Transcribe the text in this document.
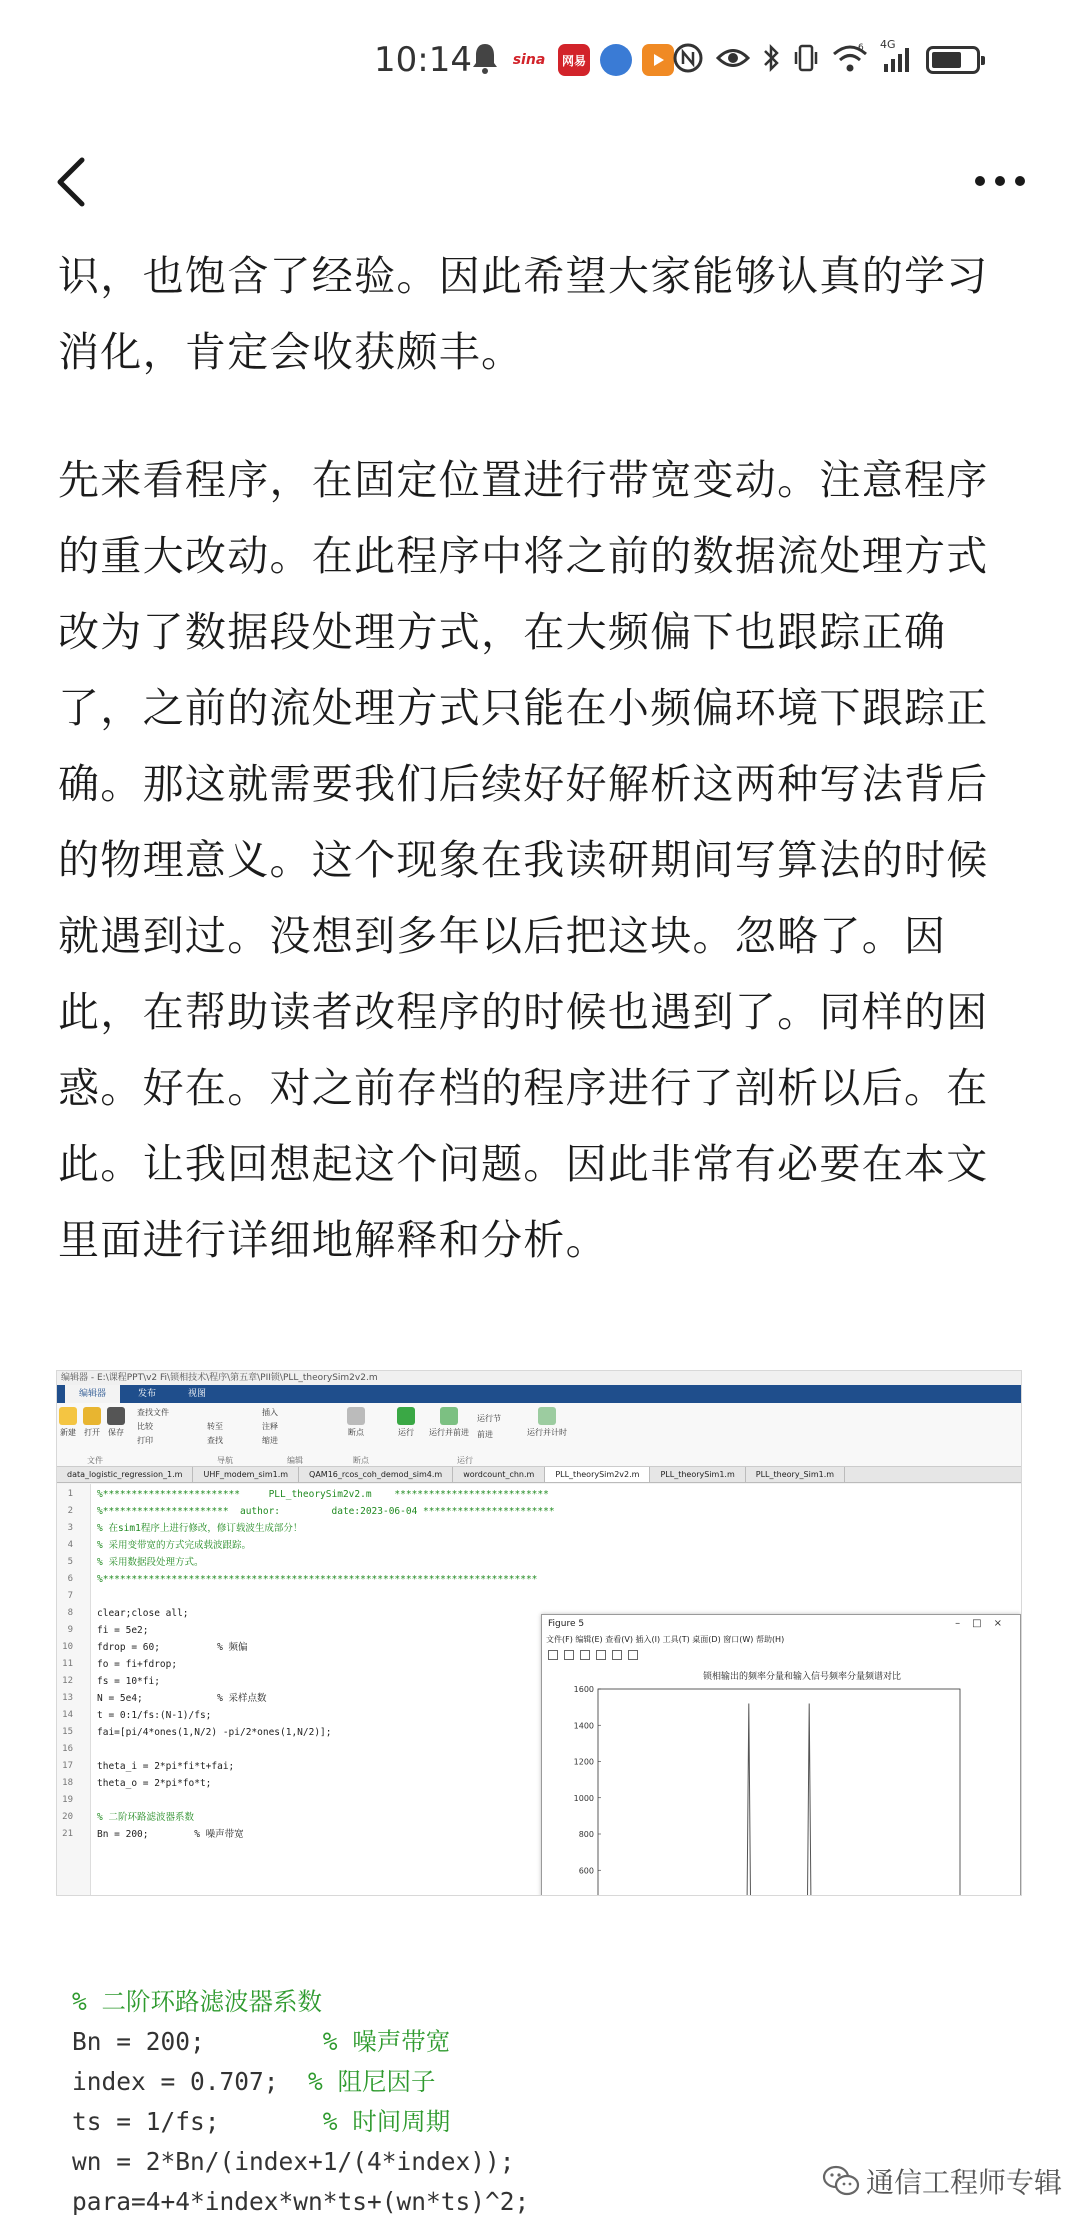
10:14	sina	网易
6 4G

识，也饱含了经验。因此希望大家能够认真的学习消化，肯定会收获颇丰。

先来看程序，在固定位置进行带宽变动。注意程序的重大改动。在此程序中将之前的数据流处理方式改为了数据段处理方式，在大频偏下也跟踪正确了，之前的流处理方式只能在小频偏环境下跟踪正确。那这就需要我们后续好好解析这两种写法背后的物理意义。这个现象在我读研期间写算法的时候就遇到过。没想到多年以后把这块。忽略了。因此，在帮助读者改程序的时候也遇到了。同样的困惑。好在。对之前存档的程序进行了剖析以后。在此。让我回想起这个问题。因此非常有必要在本文里面进行详细地解释和分析。

编辑器 - E:\课程PPT\v2 Fi\锁相技术\程序\第五章\PII锁\PLL_theorySim2v2.m
编辑器	发布	视图
新建 打开 保存
查找文件
比较
打印
转至
查找
插入
注释
缩进
断点	运行 运行并前进
运行节
前进	运行并计时
文件	导航	编辑	断点	运行
data_logistic_regression_1.m	UHF_modem_sim1.m	QAM16_rcos_coh_demod_sim4.m	wordcount_chn.m	PLL_theorySim2v2.m	PLL_theorySim1.m	PLL_theory_Sim1.m
1	%************************     PLL_theorySim2v2.m    ***************************
2	%**********************  author:         date:2023-06-04 ***********************
3	% 在sim1程序上进行修改，修订载波生成部分！
4	% 采用变带宽的方式完成载波跟踪。
5	% 采用数据段处理方式。
6	%****************************************************************************
7
8	clear;close all;
9	fi = 5e2;
10	fdrop = 60;          % 频偏
11	fo = fi+fdrop;
12	fs = 10*fi;
13	N = 5e4;             % 采样点数
14	t = 0:1/fs:(N-1)/fs;
15	fai=[pi/4*ones(1,N/2) -pi/2*ones(1,N/2)];
16
17	theta_i = 2*pi*fi*t+fai;
18	theta_o = 2*pi*fo*t;
19
20	% 二阶环路滤波器系数
21	Bn = 200;        % 噪声带宽
Figure 5	–□×
文件(F) 编辑(E) 查看(V) 插入(I) 工具(T) 桌面(D) 窗口(W) 帮助(H)
锁相输出的频率分量和输入信号频率分量频谱对比
0
200
400
600
800
1000
1200
1400
1600
-3000	-2000	-1000	0	1000	2000	3000
freq/hz
% 二阶环路滤波器系数
Bn = 200;        % 噪声带宽
index = 0.707;  % 阻尼因子
ts = 1/fs;       % 时间周期
wn = 2*Bn/(index+1/(4*index));
para=4+4*index*wn*ts+(wn*ts)^2;
通信工程师专辑
